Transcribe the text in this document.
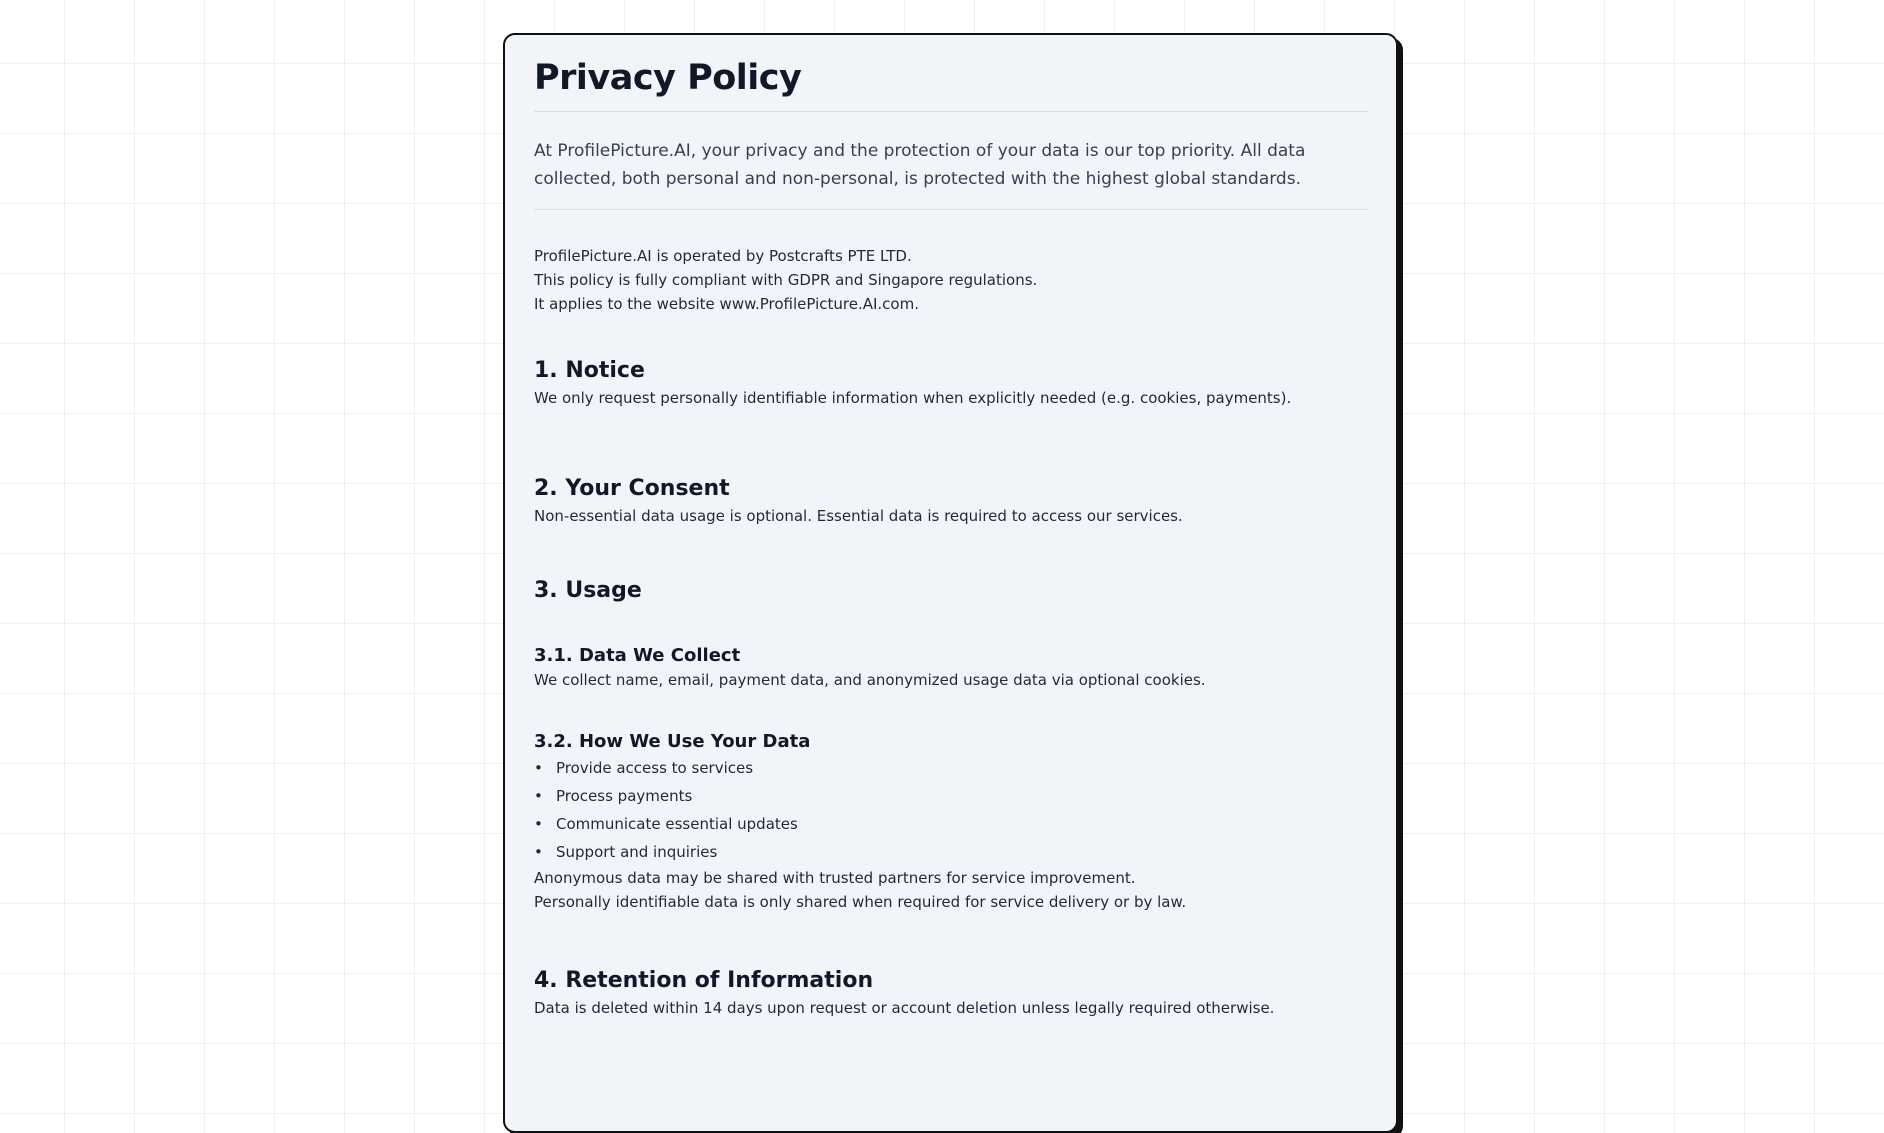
Privacy Policy

At ProfilePicture.AI, your privacy and the protection of your data is our top priority. All data collected, both personal and non-personal, is protected with the highest global standards.

ProfilePicture.AI is operated by Postcrafts PTE LTD.

This policy is fully compliant with GDPR and Singapore regulations.

It applies to the website www.ProfilePicture.AI.com.

1. Notice

We only request personally identifiable information when explicitly needed (e.g. cookies, payments).

2. Your Consent

Non-essential data usage is optional. Essential data is required to access our services.

3. Usage
3.1. Data We Collect

We collect name, email, payment data, and anonymized usage data via optional cookies.

3.2. How We Use Your Data
• Provide access to services
• Process payments
• Communicate essential updates
• Support and inquiries

Anonymous data may be shared with trusted partners for service improvement.

Personally identifiable data is only shared when required for service delivery or by law.

4. Retention of Information

Data is deleted within 14 days upon request or account deletion unless legally required otherwise.
